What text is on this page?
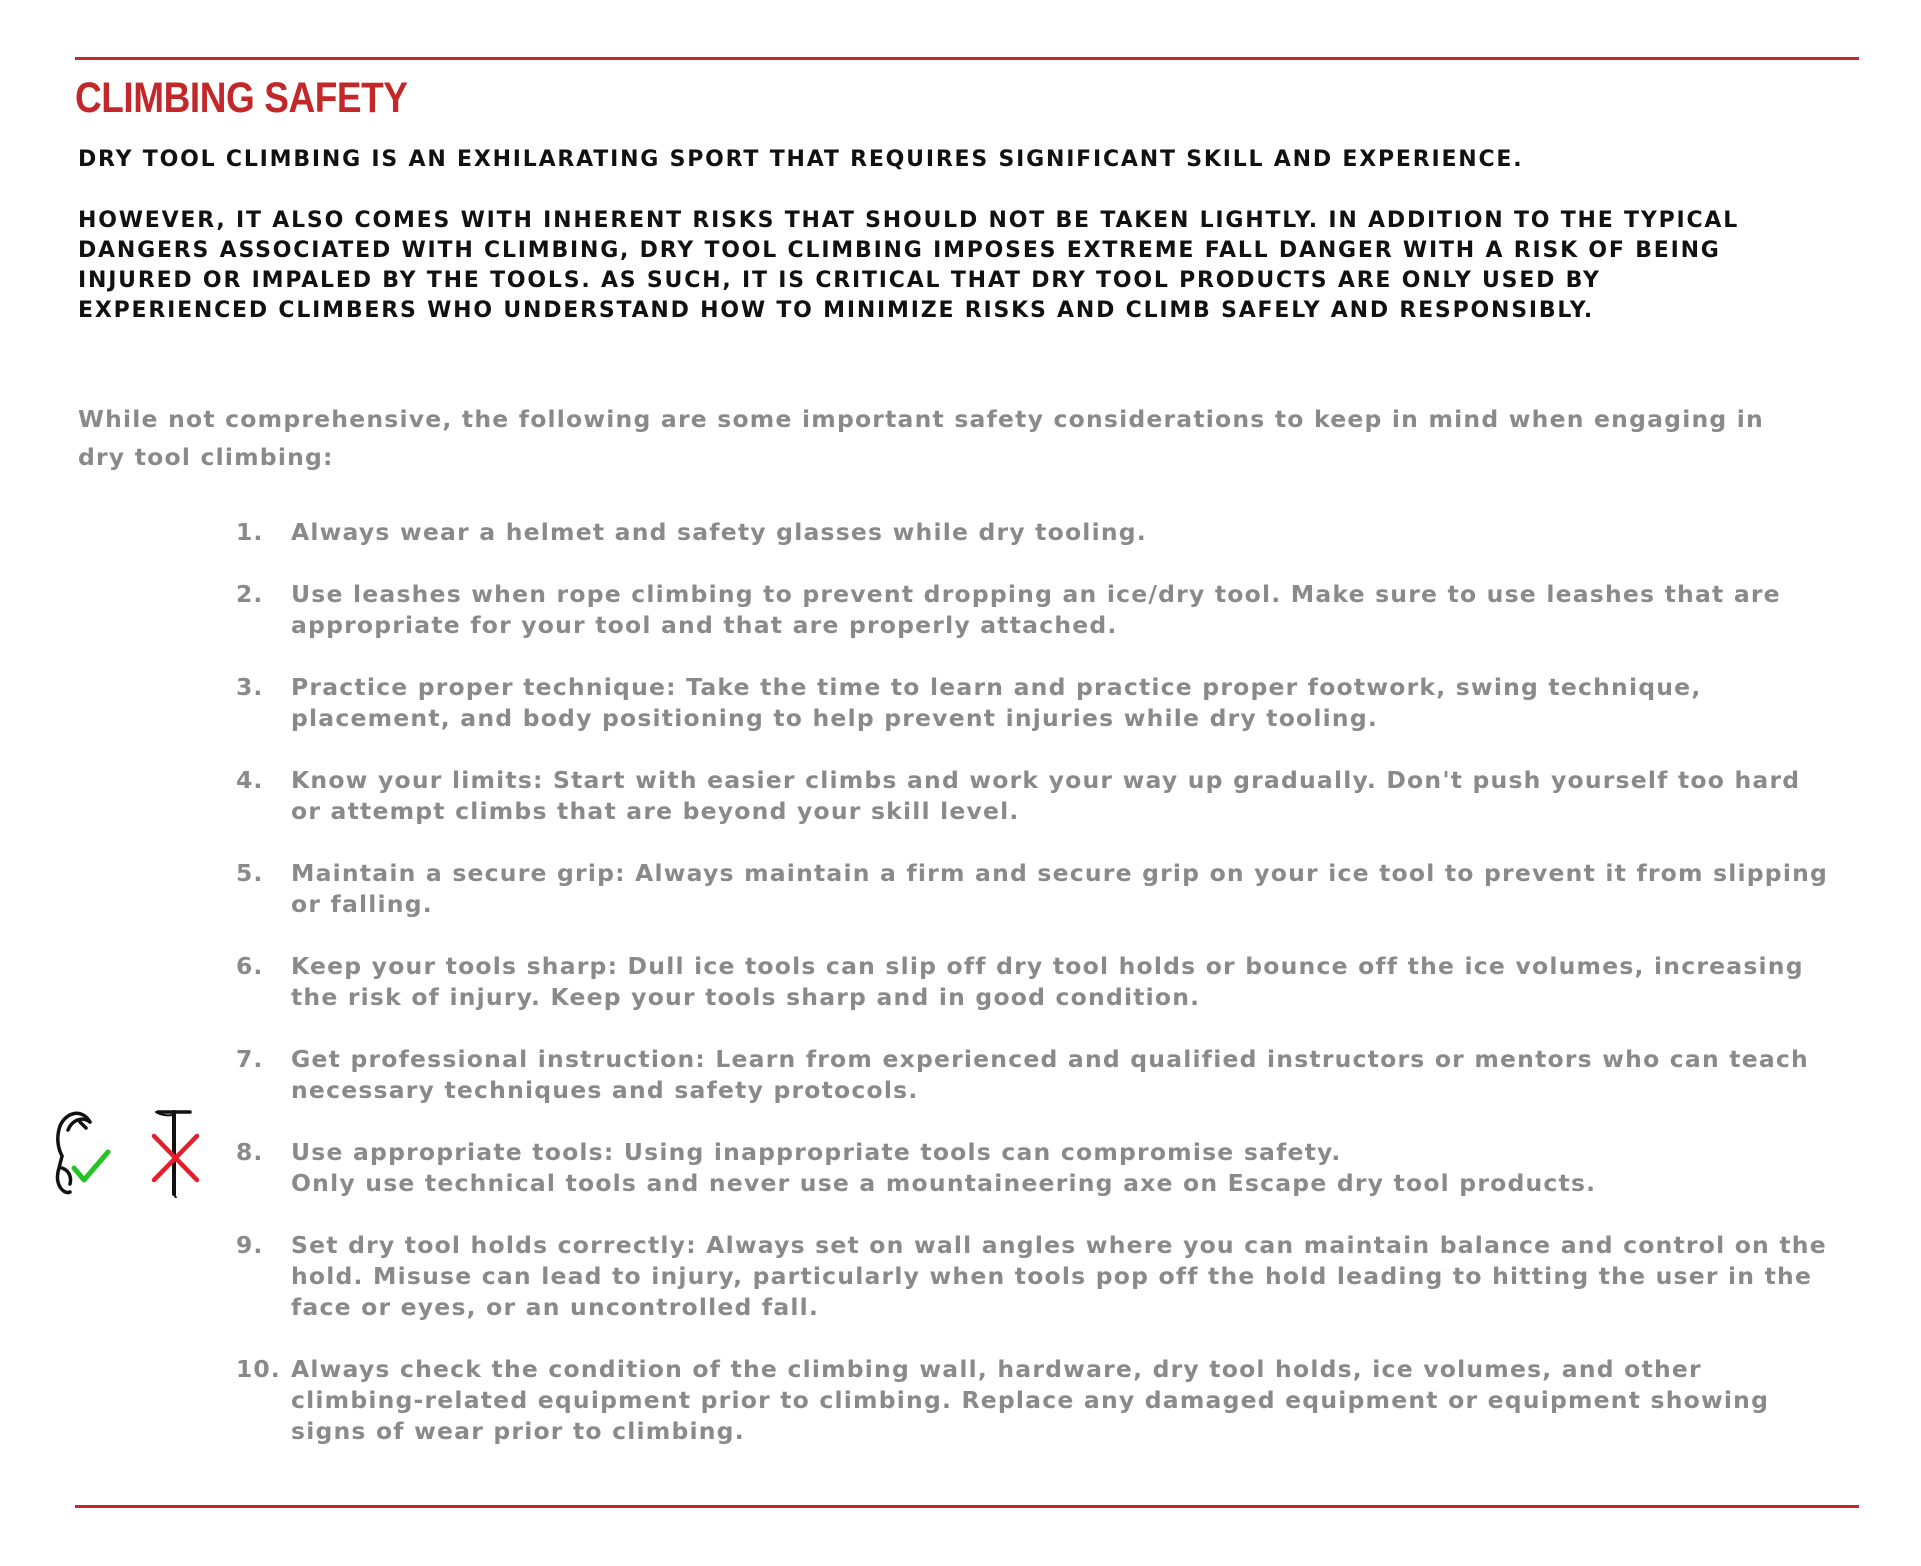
CLIMBING SAFETY

DRY TOOL CLIMBING IS AN EXHILARATING SPORT THAT REQUIRES SIGNIFICANT SKILL AND EXPERIENCE.

HOWEVER, IT ALSO COMES WITH INHERENT RISKS THAT SHOULD NOT BE TAKEN LIGHTLY. IN ADDITION TO THE TYPICAL DANGERS ASSOCIATED WITH CLIMBING, DRY TOOL CLIMBING IMPOSES EXTREME FALL DANGER WITH A RISK OF BEING INJURED OR IMPALED BY THE TOOLS. AS SUCH, IT IS CRITICAL THAT DRY TOOL PRODUCTS ARE ONLY USED BY EXPERIENCED CLIMBERS WHO UNDERSTAND HOW TO MINIMIZE RISKS AND CLIMB SAFELY AND RESPONSIBLY.

While not comprehensive, the following are some important safety considerations to keep in mind when engaging in dry tool climbing:

1.	Always wear a helmet and safety glasses while dry tooling.
2.	Use leashes when rope climbing to prevent dropping an ice/dry tool. Make sure to use leashes that are appropriate for your tool and that are properly attached.
3.	Practice proper technique: Take the time to learn and practice proper footwork, swing technique, placement, and body positioning to help prevent injuries while dry tooling.
4.	Know your limits: Start with easier climbs and work your way up gradually. Don't push yourself too hard or attempt climbs that are beyond your skill level.
5.	Maintain a secure grip: Always maintain a firm and secure grip on your ice tool to prevent it from slipping or falling.
6.	Keep your tools sharp: Dull ice tools can slip off dry tool holds or bounce off the ice volumes, increasing the risk of injury. Keep your tools sharp and in good condition.
7.	Get professional instruction: Learn from experienced and qualified instructors or mentors who can teach necessary techniques and safety protocols.
8.	Use appropriate tools: Using inappropriate tools can compromise safety.
Only use technical tools and never use a mountaineering axe on Escape dry tool products.
9.	Set dry tool holds correctly: Always set on wall angles where you can maintain balance and control on the hold. Misuse can lead to injury, particularly when tools pop off the hold leading to hitting the user in the face or eyes, or an uncontrolled fall.
10. Always check the condition of the climbing wall, hardware, dry tool holds, ice volumes, and other climbing-related equipment prior to climbing. Replace any damaged equipment or equipment showing signs of wear prior to climbing.
